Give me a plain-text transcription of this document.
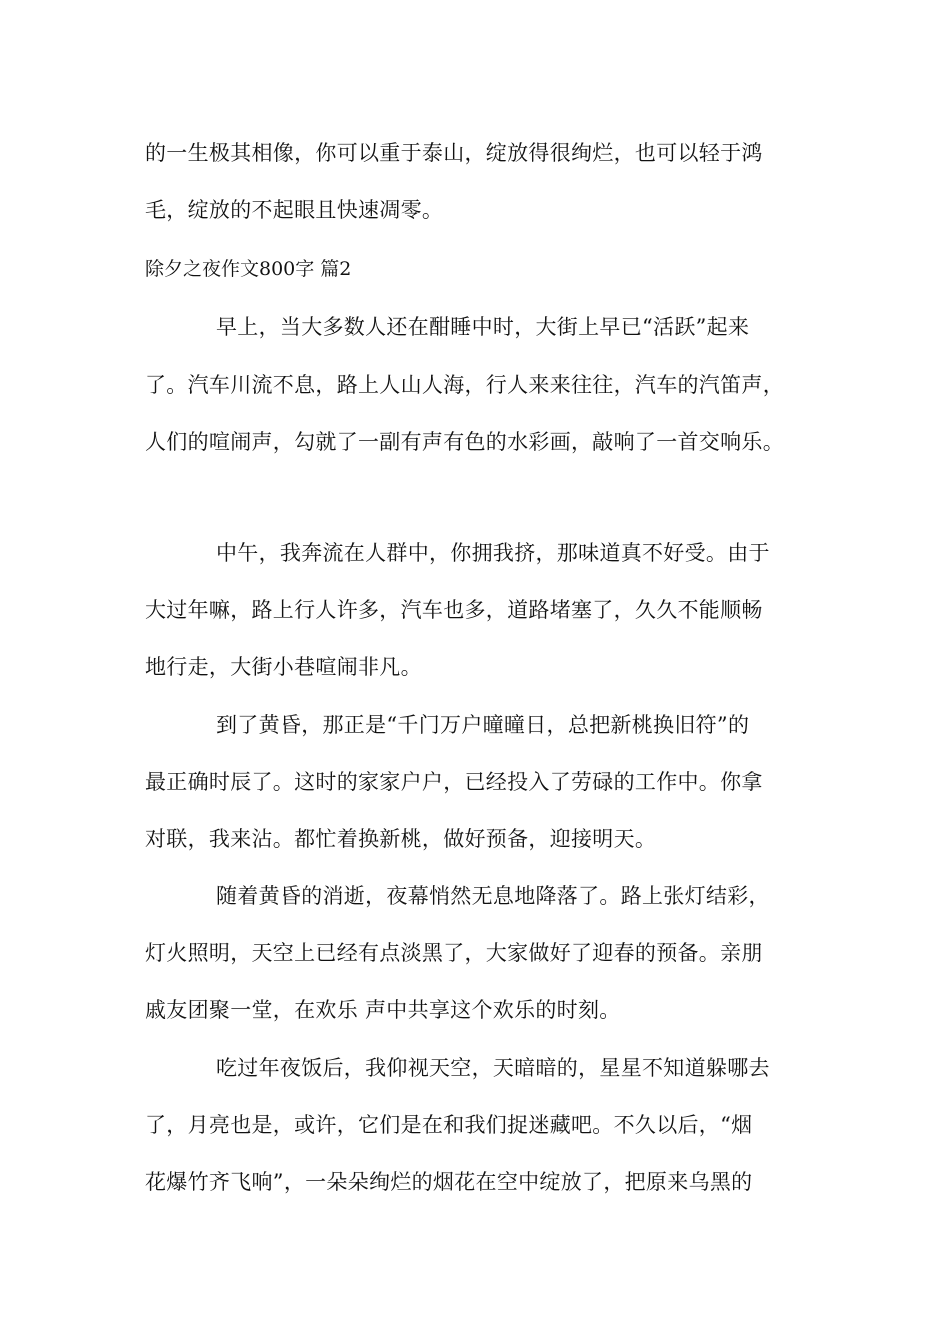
的一生极其相像，你可以重于泰山，绽放得很绚烂，也可以轻于鸿
毛，绽放的不起眼且快速凋零。
除夕之夜作文800字 篇2
早上，当大多数人还在酣睡中时，大街上早已“活跃”起来
了。汽车川流不息，路上人山人海，行人来来往往，汽车的汽笛声，
人们的喧闹声，勾就了一副有声有色的水彩画，敲响了一首交响乐。
中午，我奔流在人群中，你拥我挤，那味道真不好受。由于
大过年嘛，路上行人许多，汽车也多，道路堵塞了，久久不能顺畅
地行走，大街小巷喧闹非凡。
到了黄昏，那正是“千门万户曈曈日，总把新桃换旧符”的
最正确时辰了。这时的家家户户，已经投入了劳碌的工作中。你拿
对联，我来沾。都忙着换新桃，做好预备，迎接明天。
随着黄昏的消逝，夜幕悄然无息地降落了。路上张灯结彩，
灯火照明，天空上已经有点淡黑了，大家做好了迎春的预备。亲朋
戚友团聚一堂，在欢乐 声中共享这个欢乐的时刻。
吃过年夜饭后，我仰视天空，天暗暗的，星星不知道躲哪去
了，月亮也是，或许，它们是在和我们捉迷藏吧。不久以后，“烟
花爆竹齐飞响”，一朵朵绚烂的烟花在空中绽放了，把原来乌黑的
